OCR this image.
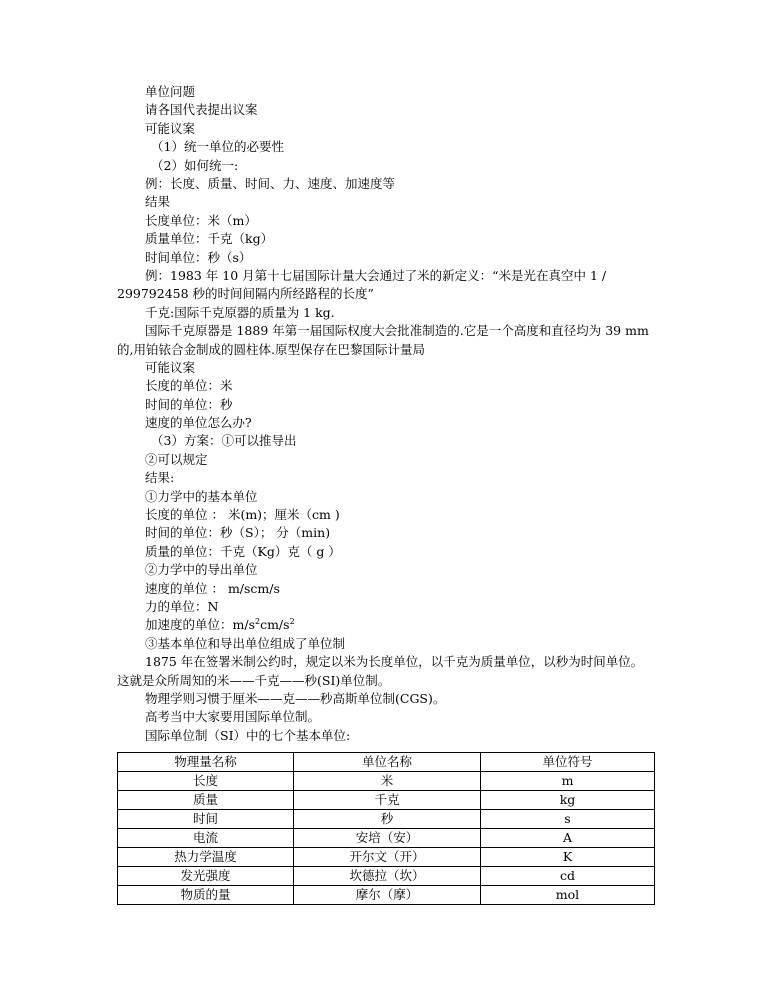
单位问题
请各国代表提出议案
可能议案
（1）统一单位的必要性
（2）如何统一:
例：长度、质量、时间、力、速度、加速度等
结果
长度单位：米（m）
质量单位：千克（kg）
时间单位：秒（s）
例：1983 年 10 月第十七届国际计量大会通过了米的新定义：“米是光在真空中 1 / 299792458 秒的时间间隔内所经路程的长度”
千克:国际千克原器的质量为 1 kg.
国际千克原器是 1889 年第一届国际权度大会批准制造的.它是一个高度和直径均为 39 mm 的,用铂铱合金制成的圆柱体.原型保存在巴黎国际计量局
可能议案
长度的单位：米
时间的单位：秒
速度的单位怎么办?
（3）方案：①可以推导出
②可以规定
结果:
①力学中的基本单位
长度的单位 ： 米(m)；厘米（cm )
时间的单位：秒（S）； 分（min)
质量的单位：千克（Kg）克（ g ）
②力学中的导出单位
速度的单位 ： m/scm/s
力的单位：N
加速度的单位：$m/s^2cm/s^2$
③基本单位和导出单位组成了单位制
1875 年在签署米制公约时，规定以米为长度单位，以千克为质量单位，以秒为时间单位。这就是众所周知的米——千克——秒(SI)单位制。
物理学则习惯于厘米——克——秒高斯单位制(CGS)。
高考当中大家要用国际单位制。
国际单位制（SI）中的七个基本单位:
物理量名称	单位名称	单位符号
长度	米	m
质量	千克	kg
时间	秒	s
电流	安培（安）	A
热力学温度	开尔文（开）	K
发光强度	坎德拉（坎）	cd
物质的量	摩尔（摩）	mol
